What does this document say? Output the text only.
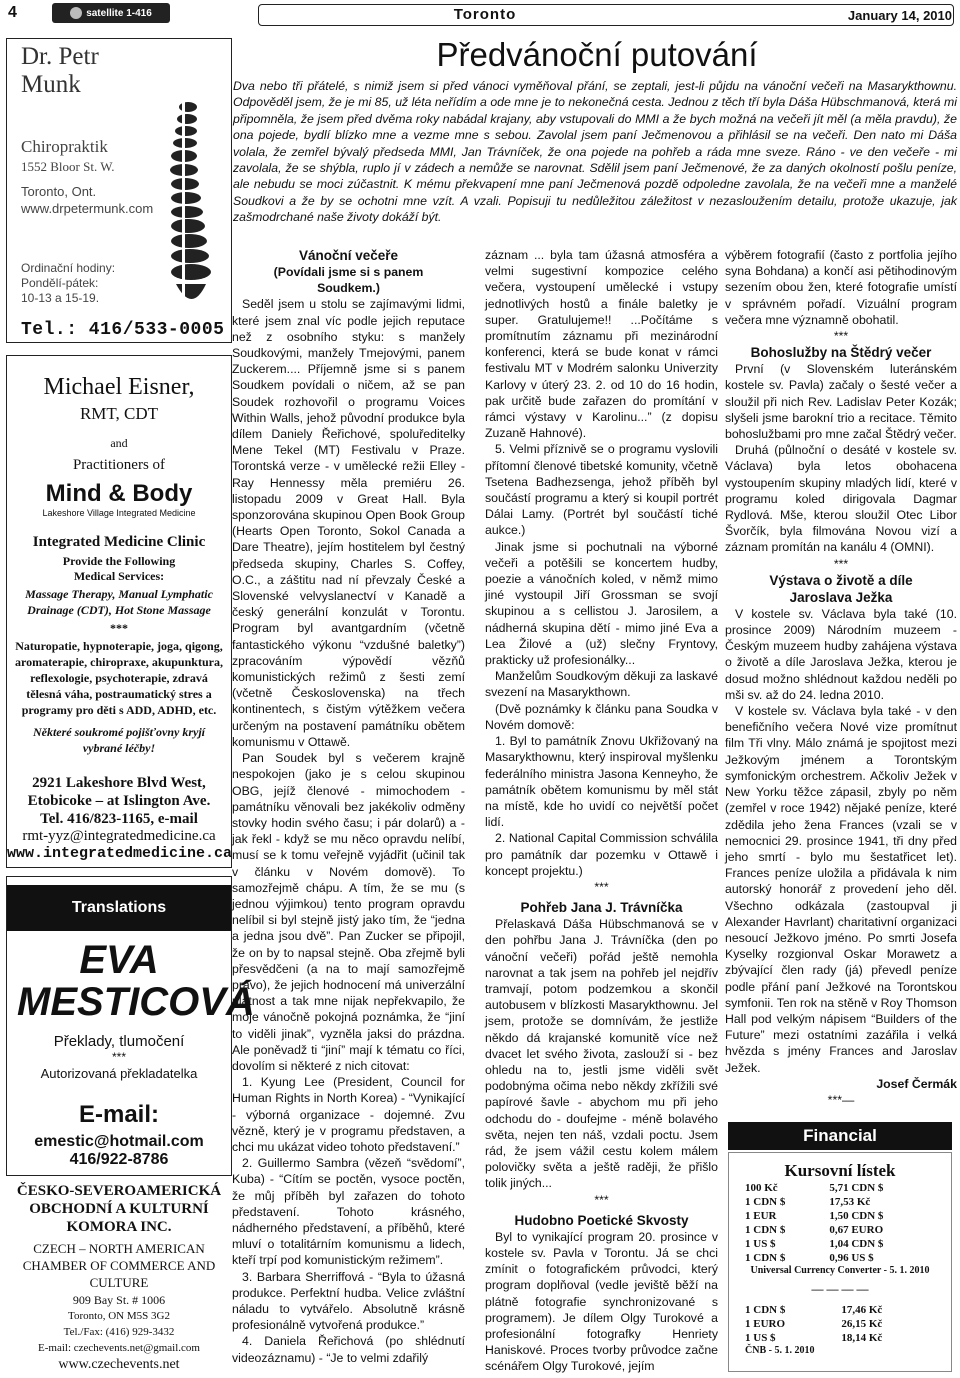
4	satellite 1-416	Toronto	January 14, 2010
Dr. Petr Munk
Chiropraktik
1552 Bloor St. W.
Toronto, Ont.
www.drpetermunk.com
Ordinační hodiny:
Pondělí-pátek:
10-13 a 15-19.
Tel.: 416/533-0005
Michael Eisner,
RMT, CDT
and
Practitioners of
Mind & Body
Lakeshore Village Integrated Medicine
Integrated Medicine Clinic
Provide the Following Medical Services:
Massage Therapy, Manual Lymphatic Drainage (CDT), Hot Stone Massage
***
Naturopatie, hypnoterapie, joga, qigong, aromaterapie, chiropraxe, akupunktura, reflexologie, psychoterapie, zdravá tělesná váha, postraumatický stres a programy pro děti s ADD, ADHD, etc.
Některé soukromé pojišťovny kryjí vybrané léčby!
2921 Lakeshore Blvd West, Etobicoke – at Islington Ave.
Tel. 416/823-1165, e-mail
rmt-yyz@integratedmedicine.ca
www.integratedmedicine.ca
Translations
EVA MESTICOVÁ
Překlady, tlumočení
***
Autorizovaná překladatelka
E-mail:
emestic@hotmail.com
416/922-8786
ČESKO-SEVEROAMERICKÁ OBCHODNÍ A KULTURNÍ KOMORA INC.
CZECH – NORTH AMERICAN CHAMBER OF COMMERCE AND CULTURE
909 Bay St. # 1006
Toronto, ON M5S 3G2
Tel./Fax: (416) 929-3432
E-mail: czechevents.net@gmail.com
www.czechevents.net
Předvánoční putování
Dva nebo tři přátelé, s nimiž jsem si před vánoci vyměňoval přání, se zeptali, jest-li půjdu na vánoční večeři na Masarykthownu. Odpověděl jsem, že je mi 85, už léta neřídím a ode mne je to nekonečná cesta. Jednou z těch tří byla Dáša Hübschmanová, která mi připomněla, že jsem před dvěma roky nabádal krajany, aby vstupovali do MMI a že bych možná na večeři jít měl (a měla pravdu), že ona pojede, bydlí blízko mne a vezme mne s sebou. Zavolal jsem paní Ječmenovou a přihlásil se na večeři. Den nato mi Dáša volala, že zemřel bývalý předseda MMI, Jan Trávníček, že ona pojede na pohřeb a ráda mne sveze. Ráno - ve den večeře - mi zavolala, že se shýbla, ruplo jí v zádech a nemůže se narovnat. Sdělil jsem paní Ječmenové, že za daných okolností pošlu peníze, ale nebudu se moci zúčastnit. K mému překvapení mne paní Ječmenová pozdě odpoledne zavolala, že na večeři mne a manželé Soudkovi a že by se ochotni mne vzít. A vzali. Popisuji tu nedůležitou záležitost v nezasloužením detailu, protože ukazuje, jak zašmodrchané naše životy dokáží být.
Vánoční večeře
(Povídali jsme si s panem Soudkem.)

Seděl jsem u stolu se zajímavými lidmi, které jsem znal víc podle jejich reputace než z osobního styku: s manžely Soudkovými, manžely Tmejovými, panem Zuckerem.... Příjemně jsme si s panem Soudkem povídali o ničem, až se pan Soudek rozhovořil o programu Voices Within Walls, jehož původní produkce byla dílem Daniely Řeřichové, spoluředitelky Mene Tekel (MT) Festivalu v Praze. Torontská verze - v umělecké režii Elley - Ray Hennessy měla premiéru 26. listopadu 2009 v Great Hall. Byla sponzorována skupinou Open Book Group (Hearts Open Toronto, Sokol Canada a Dare Theatre), jejím hostitelem byl čestný předseda skupiny, Charles S. Coffey, O.C., a záštitu nad ní převzaly České a Slovenské velvyslanectví v Kanadě a český generální konzulát v Torontu. Program byl avantgardním (včetně fantastického výkonu “vzdušné baletky”) zpracováním výpovědí vězňů komunistických režimů z šesti zemí (včetně Československa) na třech kontinentech, s čistým výtěžkem večera určeným na postavení památníku obětem komunismu v Ottawě.

Pan Soudek byl s večerem krajně nespokojen (jako je s celou skupinou OBG, jejíž členové - mimochodem - památníku věnovali bez jakékoliv odměny stovky hodin svého času; i pár dolarů) a - jak řekl - když se mu něco opravdu nelíbí, musí se k tomu veřejně vyjádřit (učinil tak v článku v Novém domově). To samozřejmě chápu. A tím, že se mu (s jednou výjimkou) tento program opravdu nelíbil si byl stejně jistý jako tím, že “jedna a jedna jsou dvě”. Pan Zucker se připojil, že on by to napsal stejně. Oba zřejmě byli přesvědčeni (a na to mají samozřejmě právo), že jejich hodnocení má univerzální platnost a tak mne nijak nepřekvapilo, že moje vánočně pokojná poznámka, že “jiní to viděli jinak”, vyzněla jaksi do prázdna. Ale poněvadž ti “jiní” mají k tématu co říci, dovolím si některé z nich citovat:

1. Kyung Lee (President, Council for Human Rights in North Korea) - “Vynikající - výborná organizace - dojemné. Zvu vězně, který je v programu představen, a chci mu ukázat video tohoto představení.”

2. Guillermo Sambra (vězeň “svědomí”, Kuba) - “Cítím se poctěn, vysoce poctěn, že můj příběh byl zařazen do tohoto představení. Tohoto krásného, nádherného představení, a příběhů, které mluví o totalitárním komunismu a lidech, kteří trpí pod komunistickým režimem”.

3. Barbara Sherriffová - “Byla to úžasná produkce. Perfektní hudba. Velice zvláštní náladu to vytvářelo. Absolutně krásně profesionálně vytvořená produkce.”

4. Daniela Řeřichová (po shlédnutí videozáznamu) - “Je to velmi zdařilý

záznam ... byla tam úžasná atmosféra a velmi sugestivní kompozice celého večera, vystoupení umělecké i vstupy jednotlivých hostů a finále baletky je super. Gratulujeme!! ...Počítáme s promítnutím záznamu při mezinárodní konferenci, která se bude konat v rámci festivalu MT v Modrém salonku Univerzity Karlovy v úterý 23. 2. od 10 do 16 hodin, pak určitě bude zařazen do promítání v rámci výstavy v Karolinu...” (z dopisu Zuzaně Hahnové).

5. Velmi příznivě se o programu vyslovili přítomní členové tibetské komunity, včetně Tsetena Badhezsenga, jehož příběh byl součástí programu a který si koupil portrét Dálai Lamy. (Portrét byl součástí tiché aukce.)

Jinak jsme si pochutnali na výborné večeři a potěšili se koncertem hudby, poezie a vánočních koled, v němž mimo jiné vystoupil Jiří Grossman se svojí skupinou a s cellistou J. Jarosilem, a nádherná skupina dětí - mimo jiné Eva a Lea Žilové a (už) slečny Fryntovy, prakticky už profesionálky...

Manželům Soudkovým děkuji za laskavé svezení na Masarykthown.

(Dvě poznámky k článku pana Soudka v Novém domově:

1. Byl to památník Znovu Ukřižovaný na Masarykthownu, který inspiroval myšlenku federálního ministra Jasona Kenneyho, že památník obětem komunismu by měl stát na místě, kde ho uvidí co největší počet lidí.

2. National Capital Commission schválila pro památník dar pozemku v Ottawě i koncept projektu.)

***
Pohřeb Jana J. Trávníčka

Přelaskavá Dáša Hübschmanová se v den pohřbu Jana J. Trávníčka (den po vánoční večeři) pořád ještě nemohla narovnat a tak jsem na pohřeb jel nejdřív tramvají, potom podzemkou a skončil autobusem v blízkosti Masarykthownu. Jel jsem, protože se domnívám, že jestliže někdo dá krajanské komunitě více než dvacet let svého života, zaslouží si - bez ohledu na to, jestli jsme viděli svět podobnýma očima nebo někdy zkřížili své papírové šavle - abychom mu při jeho odchodu do - doufejme - méně bolavého světa, nejen ten náš, vzdali poctu. Jsem rád, že jsem vážil cestu kolem málem polovičky světa a ještě raději, že přišlo tolik jiných...

***
Hudobno Poetické Skvosty

Byl to vynikající program 20. prosince v kostele sv. Pavla v Torontu. Já se chci zmínit o fotografickém průvodci, který program doplňoval (vedle jeviště běží na plátně fotografie synchronizované s programem). Je dílem Olgy Turokové a profesionální fotografky Henriety Haniskové. Proces tvorby průvodce začne scénářem Olgy Turokové, jejím

výběrem fotografií (často z portfolia jejího syna Bohdana) a končí asi pětihodinovým sezením obou žen, které fotografie umístí v správném pořadí. Vizuální program večera mne významně obohatil.

***
Bohoslužby na Štědrý večer

První (v Slovenském luteránském kostele sv. Pavla) začaly o šesté večer a sloužil při nich Rev. Ladislav Peter Kozák; slyšeli jsme barokní trio a recitace. Těmito bohoslužbami pro mne začal Štědrý večer.

Druhá (půlnoční o desáté v kostele sv. Václava) byla letos obohacena vystoupením skupiny mladých lidí, které v programu koled dirigovala Dagmar Rydlová. Mše, kterou sloužil Otec Libor Švorčík, byla filmována Novou vizí a záznam promítán na kanálu 4 (OMNI).

***
Výstava o životě a díle Jaroslava Ježka

V kostele sv. Václava byla také (10. prosince 2009) Národním muzeem - Českým muzeem hudby zahájena výstava o životě a díle Jaroslava Ježka, kterou je dosud možno shlédnout každou neděli po mši sv. až do 24. ledna 2010.

V kostele sv. Václava byla také - v den benefičního večera Nové vize promítnut film Tři vlny. Málo známá je spojitost mezi Ježkovým jménem a Torontským symfonickým orchestrem. Ačkoliv Ježek v New Yorku těžce zápasil, zbyly po něm (zemřel v roce 1942) nějaké peníze, které zdědila jeho žena Frances (vzali se v nemocnici 29. prosince 1941, tři dny před jeho smrtí - bylo mu šestatřicet let). Frances peníze uložila a přidávala k nim autorský honorář z provedení jeho děl. Všechno odkázala (zastoupval ji Alexander Havrlant) charitativní organizaci nesoucí Ježkovo jméno. Po smrti Josefa Kyselky rozgionval Oskar Morawetz a zbývající člen rady (já) převedl peníze podle přání paní Ježkové na Torontskou symfonii. Ten rok na stěně v Roy Thomson Hall pod velkým nápisem “Builders of the Future” mezi ostatními zazářila i velká hvězda s jmény Frances and Jaroslav Ježek.

Josef Čermák
***—
Financial
Kursovní lístek
100 Kč	5,71 CDN $
1 CDN $	17,53 Kč
1 EUR	1,50 CDN $
1 CDN $	0,67 EURO
1 US $	1,04 CDN $
1 CDN $	0,96 US $
Universal Currency Converter - 5. 1. 2010
— — — —
1 CDN $	17,46 Kč
1 EURO	26,15 Kč
1 US $	18,14 Kč
ČNB - 5. 1. 2010
